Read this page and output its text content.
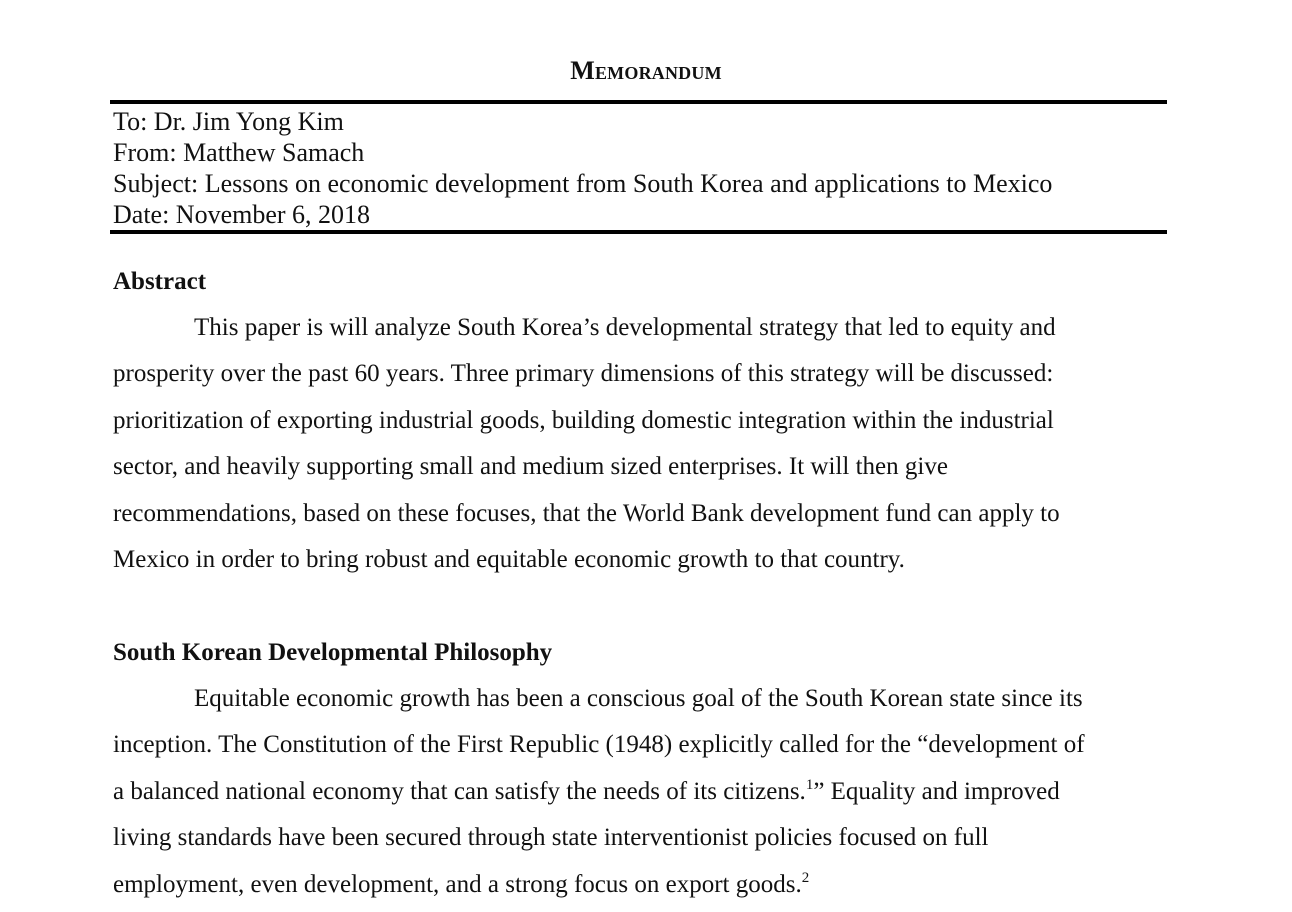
Memorandum
To: Dr. Jim Yong Kim
From: Matthew Samach
Subject: Lessons on economic development from South Korea and applications to Mexico
Date: November 6, 2018
Abstract
This paper is will analyze South Korea’s developmental strategy that led to equity and
prosperity over the past 60 years. Three primary dimensions of this strategy will be discussed:
prioritization of exporting industrial goods, building domestic integration within the industrial
sector, and heavily supporting small and medium sized enterprises. It will then give
recommendations, based on these focuses, that the World Bank development fund can apply to
Mexico in order to bring robust and equitable economic growth to that country.
South Korean Developmental Philosophy
Equitable economic growth has been a conscious goal of the South Korean state since its
inception. The Constitution of the First Republic (1948) explicitly called for the “development of
a balanced national economy that can satisfy the needs of its citizens.$^1$” Equality and improved
living standards have been secured through state interventionist policies focused on full
employment, even development, and a strong focus on export goods.$^2$
